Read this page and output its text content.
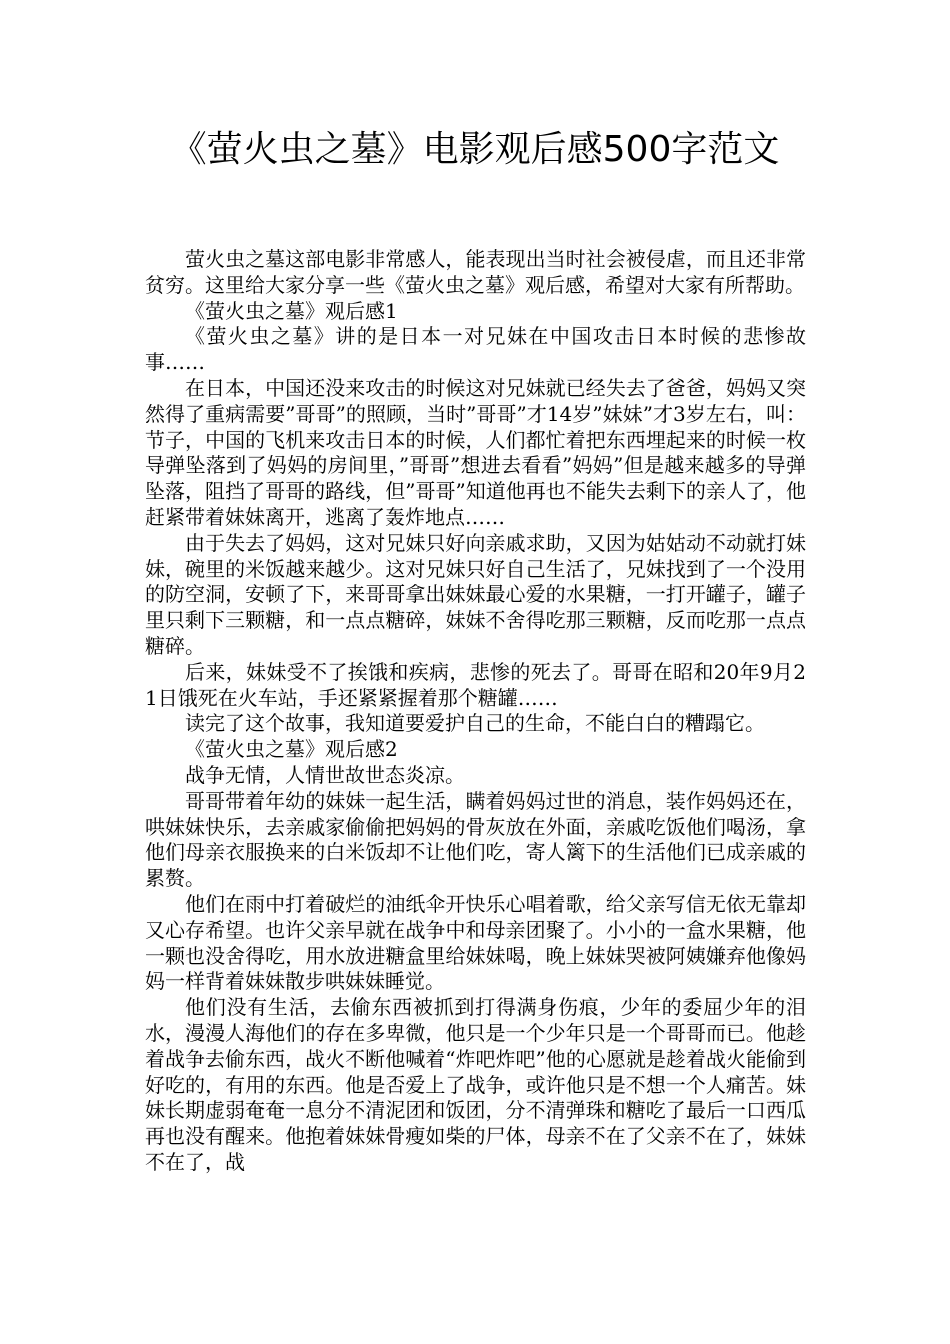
《萤火虫之墓》电影观后感500字范文

萤火虫之墓这部电影非常感人，能表现出当时社会被侵虐，而且还非常贫穷。这里给大家分享一些《萤火虫之墓》观后感，希望对大家有所帮助。

《萤火虫之墓》观后感1

《萤火虫之墓》讲的是日本一对兄妹在中国攻击日本时候的悲惨故事……

在日本，中国还没来攻击的时候这对兄妹就已经失去了爸爸，妈妈又突然得了重病需要”哥哥”的照顾，当时”哥哥”才14岁”妹妹”才3岁左右，叫：节子，中国的飞机来攻击日本的时候，人们都忙着把东西埋起来的时候一枚导弹坠落到了妈妈的房间里，”哥哥”想进去看看”妈妈”但是越来越多的导弹坠落，阻挡了哥哥的路线，但”哥哥”知道他再也不能失去剩下的亲人了，他赶紧带着妹妹离开，逃离了轰炸地点……

由于失去了妈妈，这对兄妹只好向亲戚求助，又因为姑姑动不动就打妹妹，碗里的米饭越来越少。这对兄妹只好自己生活了，兄妹找到了一个没用的防空洞，安顿了下，来哥哥拿出妹妹最心爱的水果糖，一打开罐子，罐子里只剩下三颗糖，和一点点糖碎，妹妹不舍得吃那三颗糖，反而吃那一点点糖碎。

后来，妹妹受不了挨饿和疾病，悲惨的死去了。哥哥在昭和20年9月21日饿死在火车站，手还紧紧握着那个糖罐……

读完了这个故事，我知道要爱护自己的生命，不能白白的糟蹋它。

《萤火虫之墓》观后感2

战争无情，人情世故世态炎凉。

哥哥带着年幼的妹妹一起生活，瞒着妈妈过世的消息，装作妈妈还在，哄妹妹快乐，去亲戚家偷偷把妈妈的骨灰放在外面，亲戚吃饭他们喝汤，拿他们母亲衣服换来的白米饭却不让他们吃，寄人篱下的生活他们已成亲戚的累赘。

他们在雨中打着破烂的油纸伞开快乐心唱着歌，给父亲写信无依无靠却又心存希望。也许父亲早就在战争中和母亲团聚了。小小的一盒水果糖，他一颗也没舍得吃，用水放进糖盒里给妹妹喝，晚上妹妹哭被阿姨嫌弃他像妈妈一样背着妹妹散步哄妹妹睡觉。

他们没有生活，去偷东西被抓到打得满身伤痕，少年的委屈少年的泪水，漫漫人海他们的存在多卑微，他只是一个少年只是一个哥哥而已。他趁着战争去偷东西，战火不断他喊着“炸吧炸吧”他的心愿就是趁着战火能偷到好吃的，有用的东西。他是否爱上了战争，或许他只是不想一个人痛苦。妹妹长期虚弱奄奄一息分不清泥团和饭团，分不清弹珠和糖吃了最后一口西瓜再也没有醒来。他抱着妹妹骨瘦如柴的尸体，母亲不在了父亲不在了，妹妹不在了，战
